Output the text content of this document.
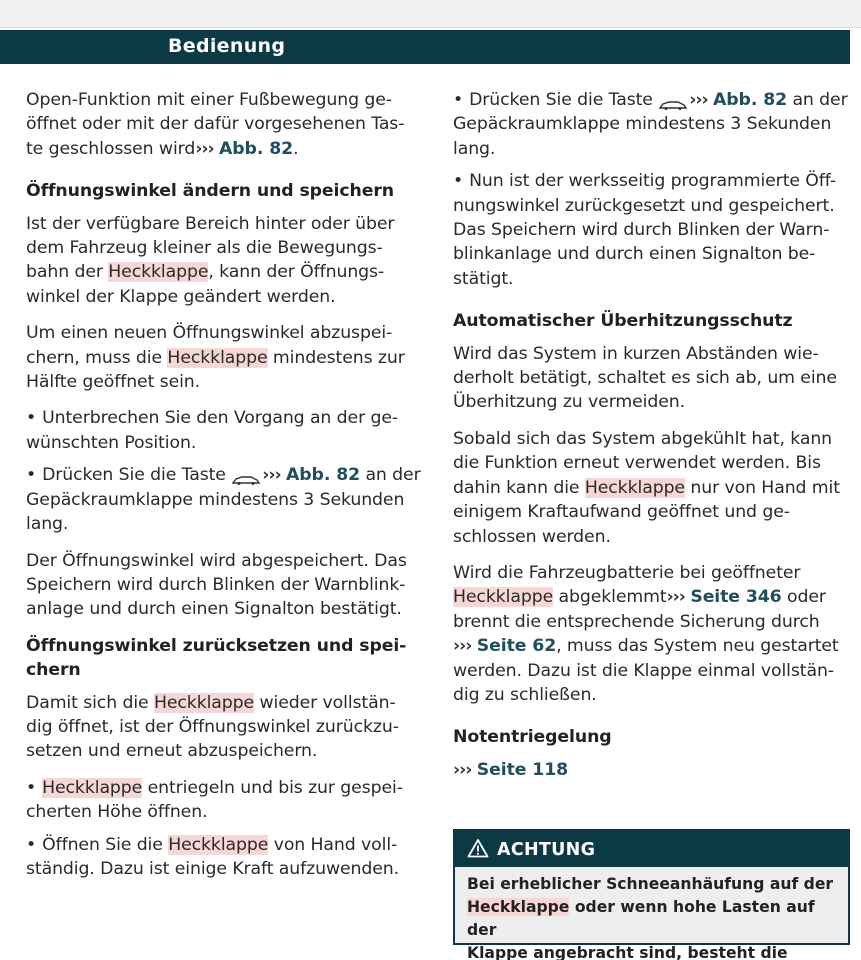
Bedienung

Open-Funktion mit einer Fußbewegung ge-

öffnet oder mit der dafür vorgesehenen Tas-

te geschlossen wird››› Abb. 82.

Öffnungswinkel ändern und speichern

Ist der verfügbare Bereich hinter oder über

dem Fahrzeug kleiner als die Bewegungs-

bahn der Heckklappe, kann der Öffnungs-

winkel der Klappe geändert werden.

Um einen neuen Öffnungswinkel abzuspei-

chern, muss die Heckklappe mindestens zur

Hälfte geöffnet sein.

• Unterbrechen Sie den Vorgang an der ge-

wünschten Position.

• Drücken Sie die Taste ››› Abb. 82 an der

Gepäckraumklappe mindestens 3 Sekunden

lang.

Der Öffnungswinkel wird abgespeichert. Das

Speichern wird durch Blinken der Warnblink-

anlage und durch einen Signalton bestätigt.

Öffnungswinkel zurücksetzen und spei-
chern

Damit sich die Heckklappe wieder vollstän-

dig öffnet, ist der Öffnungswinkel zurückzu-

setzen und erneut abzuspeichern.

• Heckklappe entriegeln und bis zur gespei-

cherten Höhe öffnen.

• Öffnen Sie die Heckklappe von Hand voll-

ständig. Dazu ist einige Kraft aufzuwenden.

• Drücken Sie die Taste ››› Abb. 82 an der

Gepäckraumklappe mindestens 3 Sekunden

lang.

• Nun ist der werksseitig programmierte Öff-

nungswinkel zurückgesetzt und gespeichert.

Das Speichern wird durch Blinken der Warn-

blinkanlage und durch einen Signalton be-

stätigt.

Automatischer Überhitzungsschutz

Wird das System in kurzen Abständen wie-

derholt betätigt, schaltet es sich ab, um eine

Überhitzung zu vermeiden.

Sobald sich das System abgekühlt hat, kann

die Funktion erneut verwendet werden. Bis

dahin kann die Heckklappe nur von Hand mit

einigem Kraftaufwand geöffnet und ge-

schlossen werden.

Wird die Fahrzeugbatterie bei geöffneter

Heckklappe abgeklemmt››› Seite 346 oder

brennt die entsprechende Sicherung durch

››› Seite 62, muss das System neu gestartet

werden. Dazu ist die Klappe einmal vollstän-

dig zu schließen.

Notentriegelung

››› Seite 118

ACHTUNG

Bei erheblicher Schneeanhäufung auf der

Heckklappe oder wenn hohe Lasten auf der

Klappe angebracht sind, besteht die
